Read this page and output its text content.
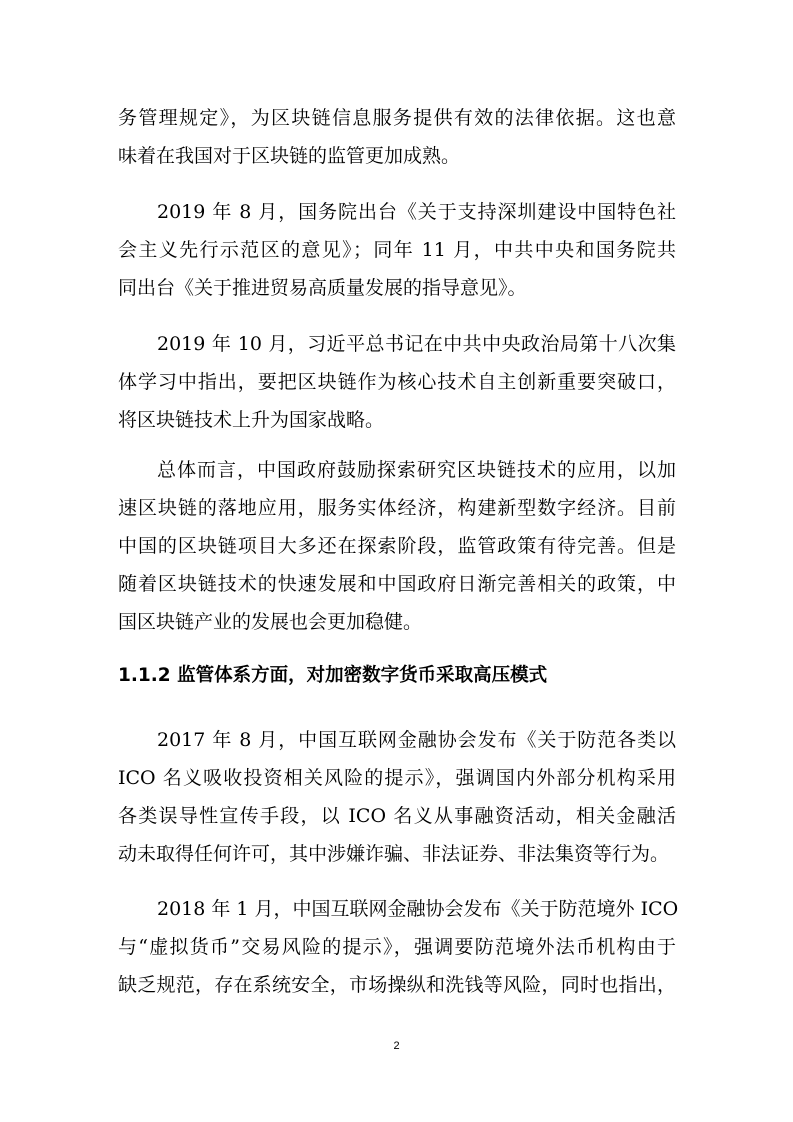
务管理规定》，为区块链信息服务提供有效的法律依据。这也意
味着在我国对于区块链的监管更加成熟。
2019 年 8 月，国务院出台《关于支持深圳建设中国特色社
会主义先行示范区的意见》；同年 11 月，中共中央和国务院共
同出台《关于推进贸易高质量发展的指导意见》。
2019 年 10 月，习近平总书记在中共中央政治局第十八次集
体学习中指出，要把区块链作为核心技术自主创新重要突破口，
将区块链技术上升为国家战略。
总体而言，中国政府鼓励探索研究区块链技术的应用，以加
速区块链的落地应用，服务实体经济，构建新型数字经济。目前
中国的区块链项目大多还在探索阶段，监管政策有待完善。但是
随着区块链技术的快速发展和中国政府日渐完善相关的政策，中
国区块链产业的发展也会更加稳健。
1.1.2 监管体系方面，对加密数字货币采取高压模式
2017 年 8 月，中国互联网金融协会发布《关于防范各类以
ICO 名义吸收投资相关风险的提示》，强调国内外部分机构采用
各类误导性宣传手段，以 ICO 名义从事融资活动，相关金融活
动未取得任何许可，其中涉嫌诈骗、非法证券、非法集资等行为。
2018 年 1 月，中国互联网金融协会发布《关于防范境外 ICO
与“虚拟货币”交易风险的提示》，强调要防范境外法币机构由于
缺乏规范，存在系统安全，市场操纵和洗钱等风险，同时也指出，
2
